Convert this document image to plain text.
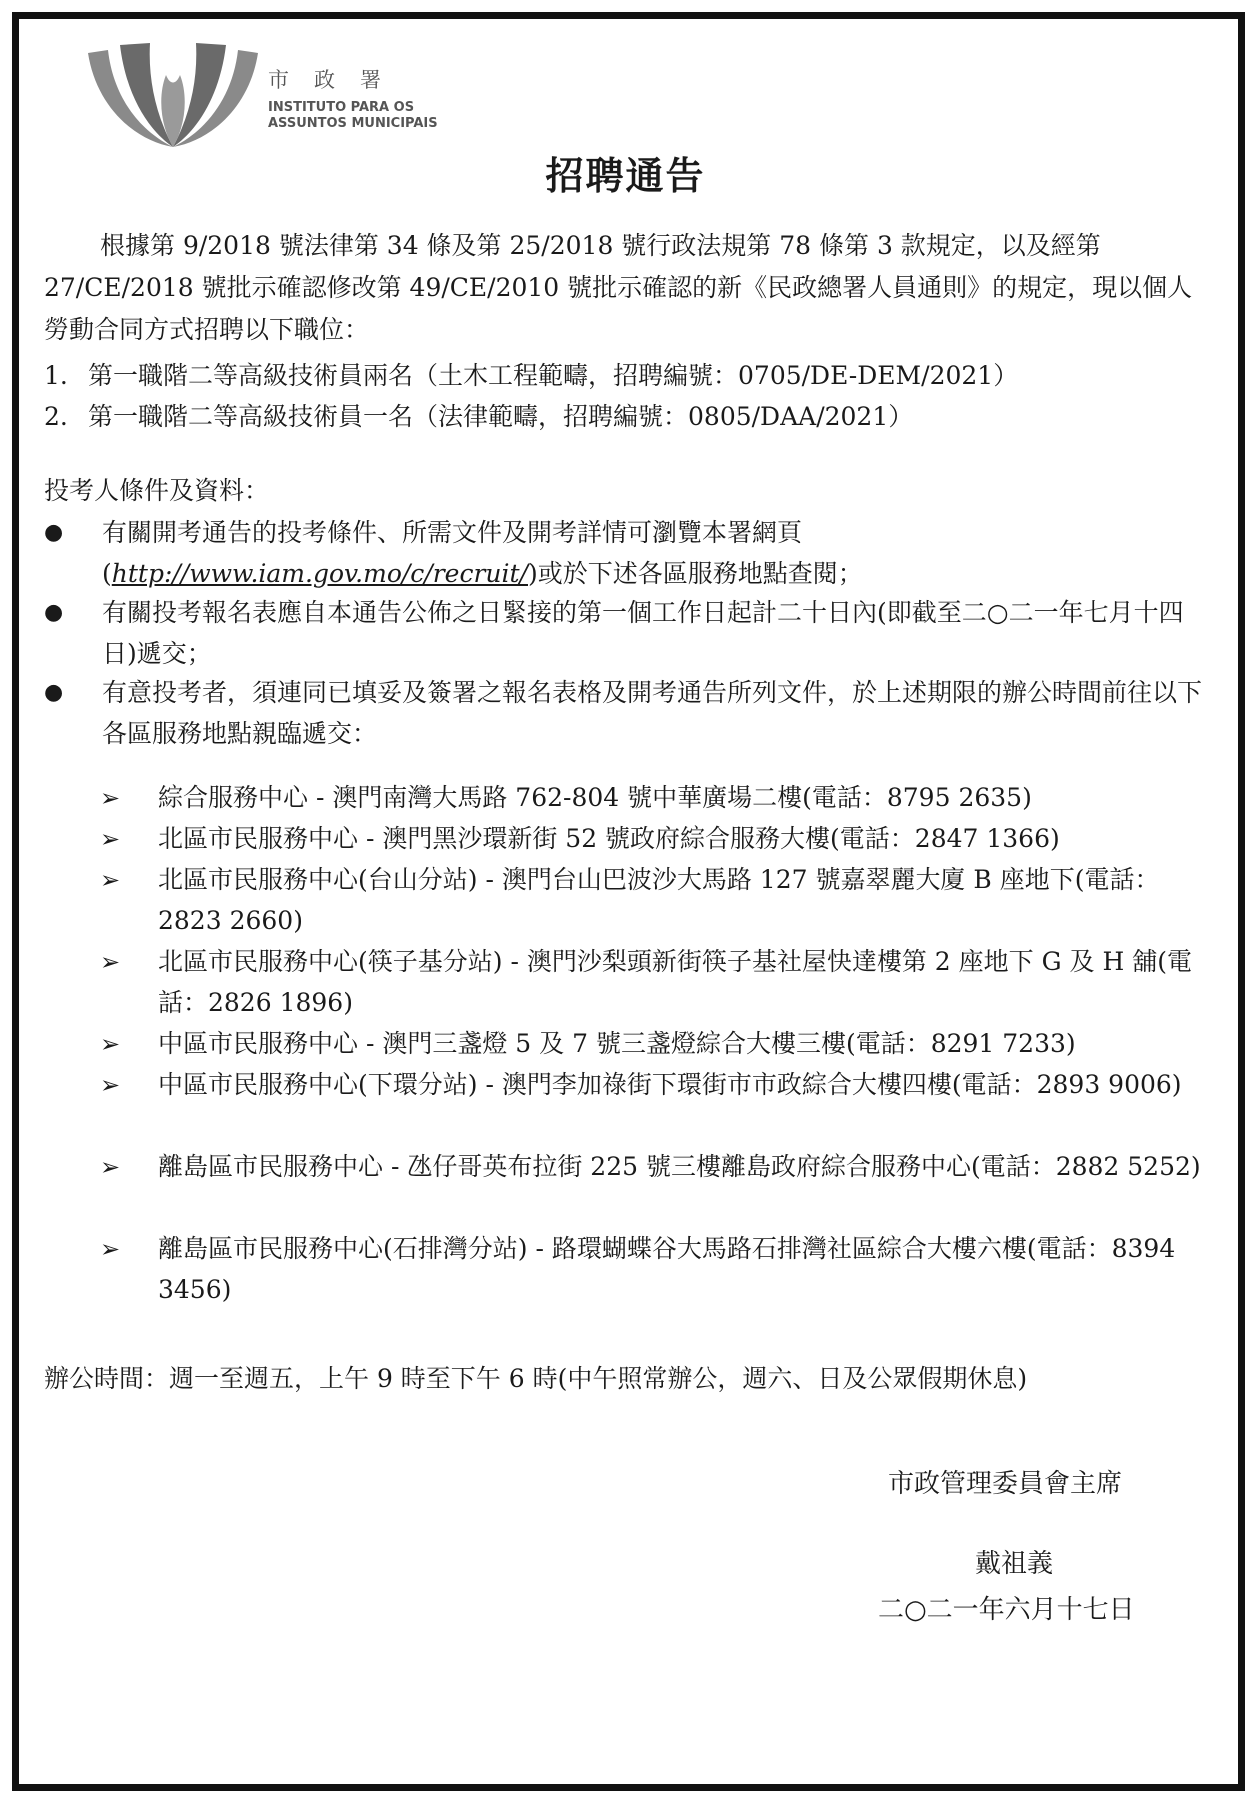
市政署
INSTITUTO PARA OS
ASSUNTOS MUNICIPAIS
招聘通告
根據第 9/2018 號法律第 34 條及第 25/2018 號行政法規第 78 條第 3 款規定，以及經第 27/CE/2018 號批示確認修改第 49/CE/2010 號批示確認的新《民政總署人員通則》的規定，現以個人勞動合同方式招聘以下職位：
1. 第一職階二等高級技術員兩名（土木工程範疇，招聘編號：0705/DE-DEM/2021）
2. 第一職階二等高級技術員一名（法律範疇，招聘編號：0805/DAA/2021）
投考人條件及資料：
● 有關開考通告的投考條件、所需文件及開考詳情可瀏覽本署網頁(http://www.iam.gov.mo/c/recruit/)或於下述各區服務地點查閱；
● 有關投考報名表應自本通告公佈之日緊接的第一個工作日起計二十日內(即截至二○二一年七月十四日)遞交；
● 有意投考者，須連同已填妥及簽署之報名表格及開考通告所列文件，於上述期限的辦公時間前往以下各區服務地點親臨遞交：
➢ 綜合服務中心 - 澳門南灣大馬路 762-804 號中華廣場二樓(電話：8795 2635)
➢ 北區市民服務中心 - 澳門黑沙環新街 52 號政府綜合服務大樓(電話：2847 1366)
➢ 北區市民服務中心(台山分站) - 澳門台山巴波沙大馬路 127 號嘉翠麗大廈 B 座地下(電話：2823 2660)
➢ 北區市民服務中心(筷子基分站) - 澳門沙梨頭新街筷子基社屋快達樓第 2 座地下 G 及 H 舖(電話：2826 1896)
➢ 中區市民服務中心 - 澳門三盞燈 5 及 7 號三盞燈綜合大樓三樓(電話：8291 7233)
➢ 中區市民服務中心(下環分站) - 澳門李加祿街下環街市市政綜合大樓四樓(電話：2893 9006)
➢ 離島區市民服務中心 - 氹仔哥英布拉街 225 號三樓離島政府綜合服務中心(電話：2882 5252)
➢ 離島區市民服務中心(石排灣分站) - 路環蝴蝶谷大馬路石排灣社區綜合大樓六樓(電話：8394 3456)
辦公時間：週一至週五，上午 9 時至下午 6 時(中午照常辦公，週六、日及公眾假期休息)
市政管理委員會主席
戴祖義
二○二一年六月十七日
